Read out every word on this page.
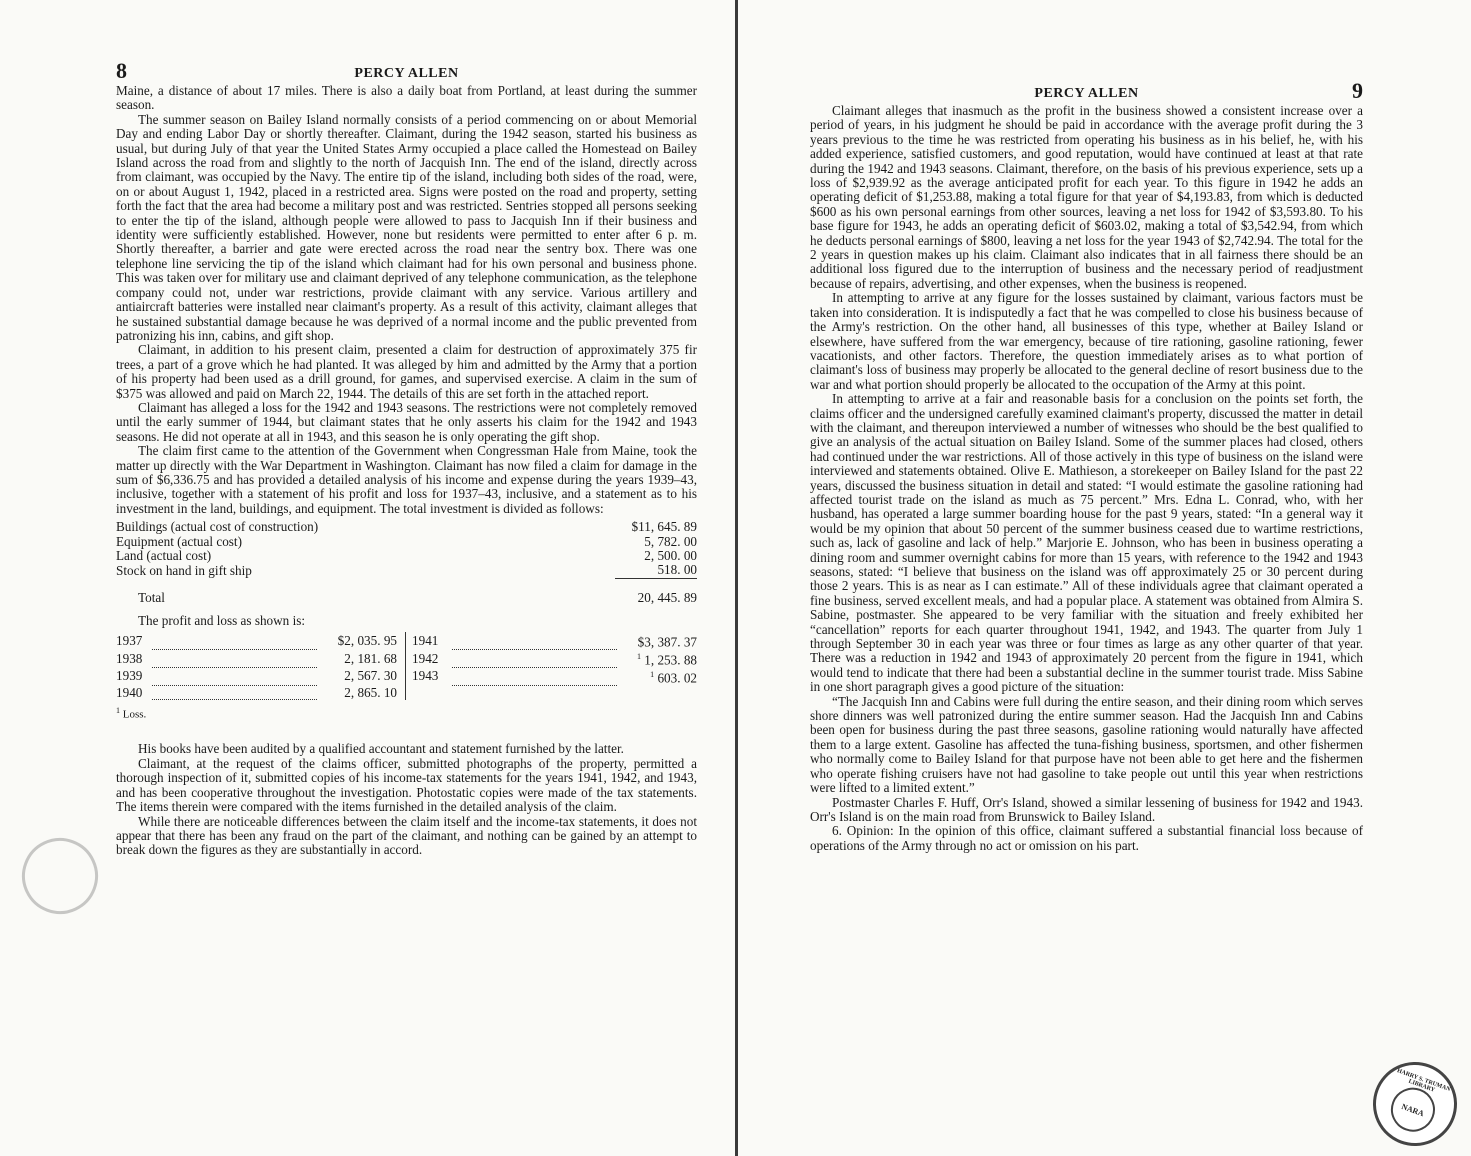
8	PERCY ALLEN

Maine, a distance of about 17 miles. There is also a daily boat from Portland, at least during the summer season.

The summer season on Bailey Island normally consists of a period commencing on or about Memorial Day and ending Labor Day or shortly thereafter. Claimant, during the 1942 season, started his business as usual, but during July of that year the United States Army occupied a place called the Homestead on Bailey Island across the road from and slightly to the north of Jacquish Inn. The end of the island, directly across from claimant, was occupied by the Navy. The entire tip of the island, including both sides of the road, were, on or about August 1, 1942, placed in a restricted area. Signs were posted on the road and property, setting forth the fact that the area had become a military post and was restricted. Sentries stopped all persons seeking to enter the tip of the island, although people were allowed to pass to Jacquish Inn if their business and identity were sufficiently established. However, none but residents were permitted to enter after 6 p. m. Shortly thereafter, a barrier and gate were erected across the road near the sentry box. There was one telephone line servicing the tip of the island which claimant had for his own personal and business phone. This was taken over for military use and claimant deprived of any telephone communication, as the telephone company could not, under war restrictions, provide claimant with any service. Various artillery and antiaircraft batteries were installed near claimant's property. As a result of this activity, claimant alleges that he sustained substantial damage because he was deprived of a normal income and the public prevented from patronizing his inn, cabins, and gift shop.

Claimant, in addition to his present claim, presented a claim for destruction of approximately 375 fir trees, a part of a grove which he had planted. It was alleged by him and admitted by the Army that a portion of his property had been used as a drill ground, for games, and supervised exercise. A claim in the sum of $375 was allowed and paid on March 22, 1944. The details of this are set forth in the attached report.

Claimant has alleged a loss for the 1942 and 1943 seasons. The restrictions were not completely removed until the early summer of 1944, but claimant states that he only asserts his claim for the 1942 and 1943 seasons. He did not operate at all in 1943, and this season he is only operating the gift shop.

The claim first came to the attention of the Government when Congressman Hale from Maine, took the matter up directly with the War Department in Washington. Claimant has now filed a claim for damage in the sum of $6,336.75 and has provided a detailed analysis of his income and expense during the years 1939–43, inclusive, together with a statement of his profit and loss for 1937–43, inclusive, and a statement as to his investment in the land, buildings, and equipment. The total investment is divided as follows:

Buildings (actual cost of construction)		$11, 645. 89
Equipment (actual cost)		5, 782. 00
Land (actual cost)		2, 500. 00
Stock on hand in gift ship		518. 00
Total		20, 445. 89

The profit and loss as shown is:

1937		$2, 035. 95		1941		$3, 387. 37
1938		2, 181. 68		1942		$^1$ 1, 253. 88
1939		2, 567. 30		1943		$^1$ 603. 02
1940		2, 865. 10				

$^1$ Loss.

His books have been audited by a qualified accountant and statement furnished by the latter.

Claimant, at the request of the claims officer, submitted photographs of the property, permitted a thorough inspection of it, submitted copies of his income-tax statements for the years 1941, 1942, and 1943, and has been cooperative throughout the investigation. Photostatic copies were made of the tax statements. The items therein were compared with the items furnished in the detailed analysis of the claim.

While there are noticeable differences between the claim itself and the income-tax statements, it does not appear that there has been any fraud on the part of the claimant, and nothing can be gained by an attempt to break down the figures as they are substantially in accord.

PERCY ALLEN	9

Claimant alleges that inasmuch as the profit in the business showed a consistent increase over a period of years, in his judgment he should be paid in accordance with the average profit during the 3 years previous to the time he was restricted from operating his business as in his belief, he, with his added experience, satisfied customers, and good reputation, would have continued at least at that rate during the 1942 and 1943 seasons. Claimant, therefore, on the basis of his previous experience, sets up a loss of $2,939.92 as the average anticipated profit for each year. To this figure in 1942 he adds an operating deficit of $1,253.88, making a total figure for that year of $4,193.83, from which is deducted $600 as his own personal earnings from other sources, leaving a net loss for 1942 of $3,593.80. To his base figure for 1943, he adds an operating deficit of $603.02, making a total of $3,542.94, from which he deducts personal earnings of $800, leaving a net loss for the year 1943 of $2,742.94. The total for the 2 years in question makes up his claim. Claimant also indicates that in all fairness there should be an additional loss figured due to the interruption of business and the necessary period of readjustment because of repairs, advertising, and other expenses, when the business is reopened.

In attempting to arrive at any figure for the losses sustained by claimant, various factors must be taken into consideration. It is indisputedly a fact that he was compelled to close his business because of the Army's restriction. On the other hand, all businesses of this type, whether at Bailey Island or elsewhere, have suffered from the war emergency, because of tire rationing, gasoline rationing, fewer vacationists, and other factors. Therefore, the question immediately arises as to what portion of claimant's loss of business may properly be allocated to the general decline of resort business due to the war and what portion should properly be allocated to the occupation of the Army at this point.

In attempting to arrive at a fair and reasonable basis for a conclusion on the points set forth, the claims officer and the undersigned carefully examined claimant's property, discussed the matter in detail with the claimant, and thereupon interviewed a number of witnesses who should be the best qualified to give an analysis of the actual situation on Bailey Island. Some of the summer places had closed, others had continued under the war restrictions. All of those actively in this type of business on the island were interviewed and statements obtained. Olive E. Mathieson, a storekeeper on Bailey Island for the past 22 years, discussed the business situation in detail and stated: “I would estimate the gasoline rationing had affected tourist trade on the island as much as 75 percent.” Mrs. Edna L. Conrad, who, with her husband, has operated a large summer boarding house for the past 9 years, stated: “In a general way it would be my opinion that about 50 percent of the summer business ceased due to wartime restrictions, such as, lack of gasoline and lack of help.” Marjorie E. Johnson, who has been in business operating a dining room and summer overnight cabins for more than 15 years, with reference to the 1942 and 1943 seasons, stated: “I believe that business on the island was off approximately 25 or 30 percent during those 2 years. This is as near as I can estimate.” All of these individuals agree that claimant operated a fine business, served excellent meals, and had a popular place. A statement was obtained from Almira S. Sabine, postmaster. She appeared to be very familiar with the situation and freely exhibited her “cancellation” reports for each quarter throughout 1941, 1942, and 1943. The quarter from July 1 through September 30 in each year was three or four times as large as any other quarter of that year. There was a reduction in 1942 and 1943 of approximately 20 percent from the figure in 1941, which would tend to indicate that there had been a substantial decline in the summer tourist trade. Miss Sabine in one short paragraph gives a good picture of the situation:

“The Jacquish Inn and Cabins were full during the entire season, and their dining room which serves shore dinners was well patronized during the entire summer season. Had the Jacquish Inn and Cabins been open for business during the past three seasons, gasoline rationing would naturally have affected them to a large extent. Gasoline has affected the tuna-fishing business, sportsmen, and other fishermen who normally come to Bailey Island for that purpose have not been able to get here and the fishermen who operate fishing cruisers have not had gasoline to take people out until this year when restrictions were lifted to a limited extent.”

Postmaster Charles F. Huff, Orr's Island, showed a similar lessening of business for 1942 and 1943. Orr's Island is on the main road from Brunswick to Bailey Island.

6. Opinion: In the opinion of this office, claimant suffered a substantial financial loss because of operations of the Army through no act or omission on his part.

HARRY S. TRUMAN LIBRARY
NARA
